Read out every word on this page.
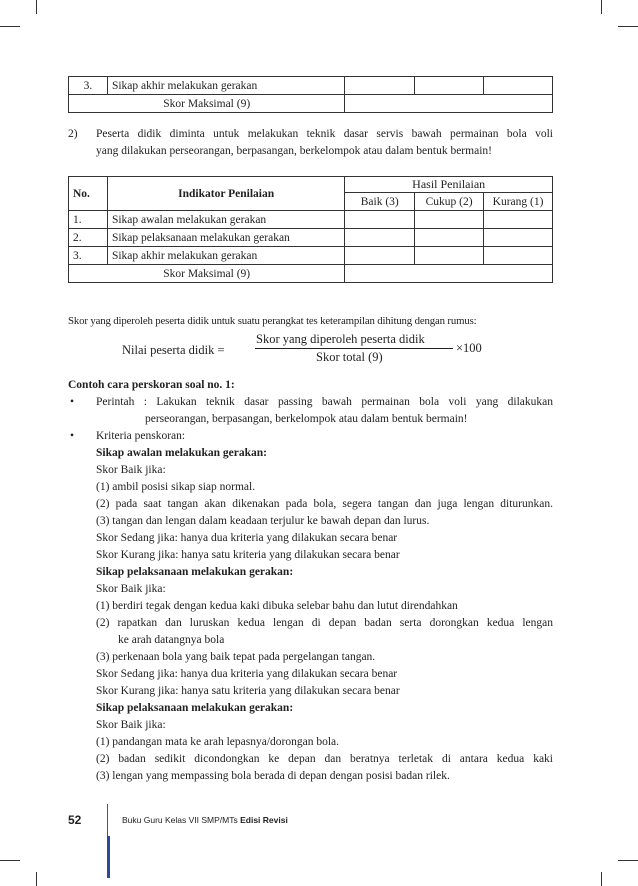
3.	Sikap akhir melakukan gerakan			
Skor Maksimal (9)				
2) Peserta didik diminta untuk melakukan teknik dasar servis bawah permainan bola voli
yang dilakukan perseorangan, berpasangan, berkelompok atau dalam bentuk bermain!
No.	Indikator Penilaian	Hasil Penilaian		
		Baik (3)	Cukup (2)	Kurang (1)
1.	Sikap awalan melakukan gerakan			
2.	Sikap pelaksanaan melakukan gerakan			
3.	Sikap akhir melakukan gerakan			
Skor Maksimal (9)				
Skor yang diperoleh peserta didik untuk suatu perangkat tes keterampilan dihitung dengan rumus:
Nilai peserta didik =
Skor yang diperoleh peserta didik
Skor total (9)
×100
Contoh cara perskoran soal no. 1:
• Perintah : Lakukan teknik dasar passing bawah permainan bola voli yang dilakukan
perseorangan, berpasangan, berkelompok atau dalam bentuk bermain!
• Kriteria penskoran:
Sikap awalan melakukan gerakan:
Skor Baik jika:
(1) ambil posisi sikap siap normal.
(2) pada saat tangan akan dikenakan pada bola, segera tangan dan juga lengan diturunkan.
(3) tangan dan lengan dalam keadaan terjulur ke bawah depan dan lurus.
Skor Sedang jika: hanya dua kriteria yang dilakukan secara benar
Skor Kurang jika: hanya satu kriteria yang dilakukan secara benar
Sikap pelaksanaan melakukan gerakan:
Skor Baik jika:
(1) berdiri tegak dengan kedua kaki dibuka selebar bahu dan lutut direndahkan
(2) rapatkan dan luruskan kedua lengan di depan badan serta dorongkan kedua lengan
ke arah datangnya bola
(3) perkenaan bola yang baik tepat pada pergelangan tangan.
Skor Sedang jika: hanya dua kriteria yang dilakukan secara benar
Skor Kurang jika: hanya satu kriteria yang dilakukan secara benar
Sikap pelaksanaan melakukan gerakan:
Skor Baik jika:
(1) pandangan mata ke arah lepasnya/dorongan bola.
(2) badan sedikit dicondongkan ke depan dan beratnya terletak di antara kedua kaki
(3) lengan yang mempassing bola berada di depan dengan posisi badan rilek.
52	Buku Guru Kelas VII SMP/MTs Edisi Revisi
